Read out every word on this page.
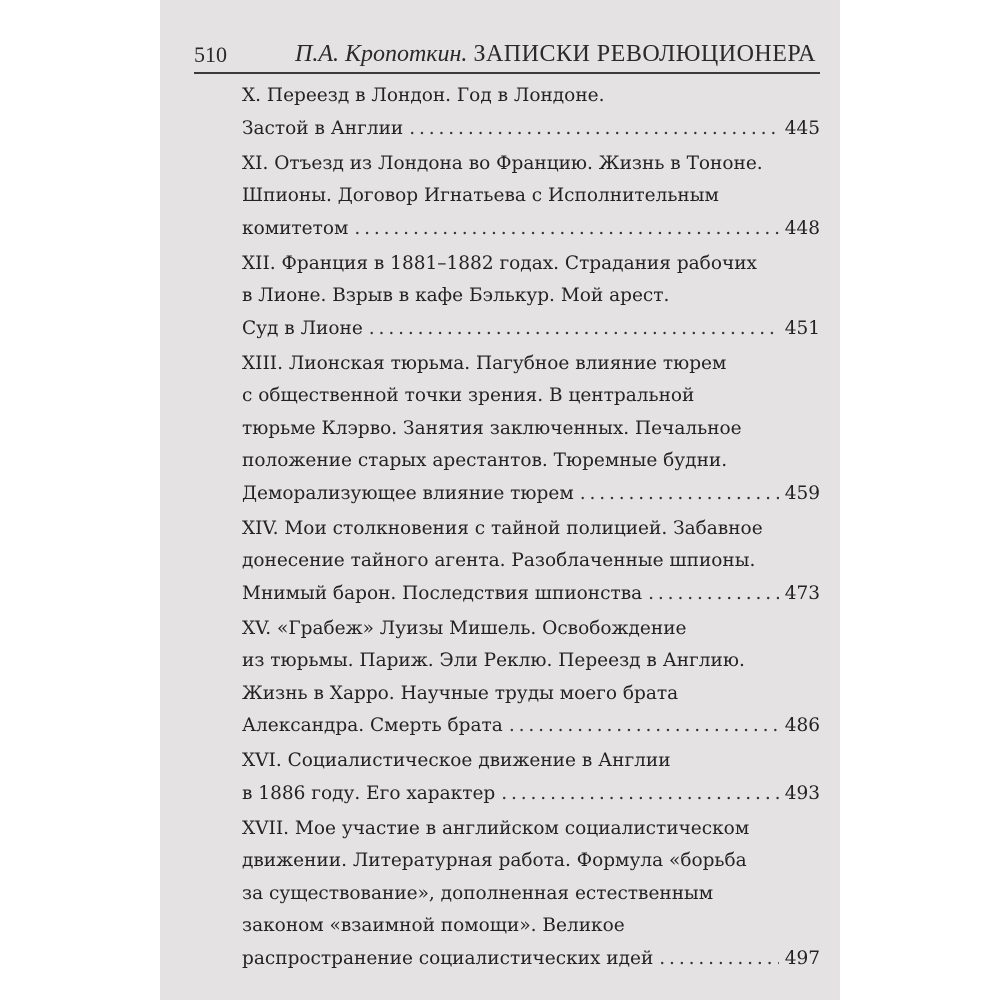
510	П.А. Кропоткин. ЗАПИСКИ РЕВОЛЮЦИОНЕРА
X. Переезд в Лондон. Год в Лондоне.
Застой в Англии . . .	445
XI. Отъезд из Лондона во Францию. Жизнь в Тононе.
Шпионы. Договор Игнатьева с Исполнительным
комитетом . . .	448
XII. Франция в 1881–1882 годах. Страдания рабочих
в Лионе. Взрыв в кафе Бэлькур. Мой арест.
Суд в Лионе . . .	451
XIII. Лионская тюрьма. Пагубное влияние тюрем
с общественной точки зрения. В центральной
тюрьме Клэрво. Занятия заключенных. Печальное
положение старых арестантов. Тюремные будни.
Деморализующее влияние тюрем . . .	459
XIV. Мои столкновения с тайной полицией. Забавное
донесение тайного агента. Разоблаченные шпионы.
Мнимый барон. Последствия шпионства . . .	473
XV. «Грабеж» Луизы Мишель. Освобождение
из тюрьмы. Париж. Эли Реклю. Переезд в Англию.
Жизнь в Харро. Научные труды моего брата
Александра. Смерть брата . . .	486
XVI. Социалистическое движение в Англии
в 1886 году. Его характер . . .	493
XVII. Мое участие в английском социалистическом
движении. Литературная работа. Формула «борьба
за существование», дополненная естественным
законом «взаимной помощи». Великое
распространение социалистических идей . . .	497
